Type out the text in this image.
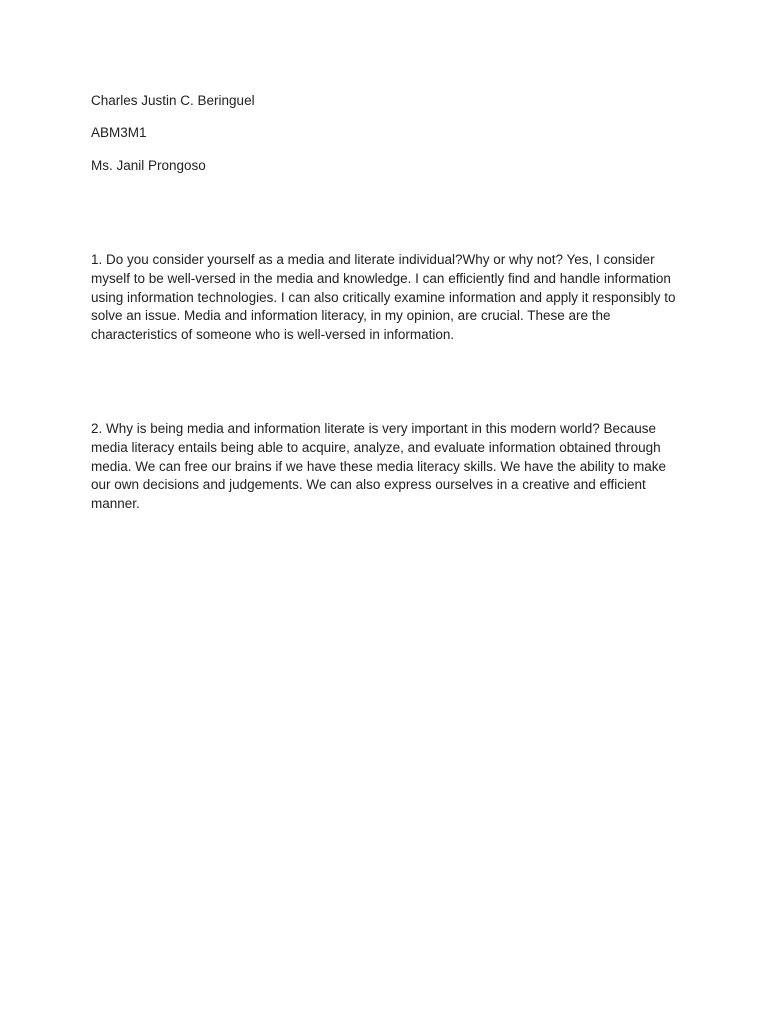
Charles Justin C. Beringuel
ABM3M1
Ms. Janil Prongoso

1. Do you consider yourself as a media and literate individual?Why or why not? Yes, I consider myself to be well-versed in the media and knowledge. I can efficiently find and handle information using information technologies. I can also critically examine information and apply it responsibly to solve an issue. Media and information literacy, in my opinion, are crucial. These are the characteristics of someone who is well-versed in information.

2. Why is being media and information literate is very important in this modern world? Because media literacy entails being able to acquire, analyze, and evaluate information obtained through media. We can free our brains if we have these media literacy skills. We have the ability to make our own decisions and judgements. We can also express ourselves in a creative and efficient manner.
